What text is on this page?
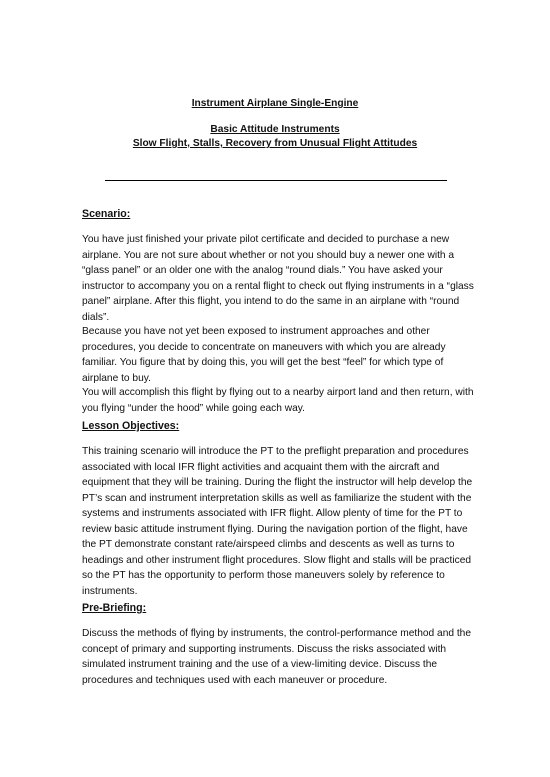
Instrument Airplane Single-Engine
Basic Attitude Instruments
Slow Flight, Stalls, Recovery from Unusual Flight Attitudes
Scenario:

You have just finished your private pilot certificate and decided to purchase a new airplane. You are not sure about whether or not you should buy a newer one with a “glass panel” or an older one with the analog “round dials.” You have asked your instructor to accompany you on a rental flight to check out flying instruments in a “glass panel” airplane. After this flight, you intend to do the same in an airplane with “round dials”.

Because you have not yet been exposed to instrument approaches and other procedures, you decide to concentrate on maneuvers with which you are already familiar. You figure that by doing this, you will get the best “feel” for which type of airplane to buy.

You will accomplish this flight by flying out to a nearby airport land and then return, with you flying “under the hood” while going each way.

Lesson Objectives:

This training scenario will introduce the PT to the preflight preparation and procedures associated with local IFR flight activities and acquaint them with the aircraft and equipment that they will be training. During the flight the instructor will help develop the PT’s scan and instrument interpretation skills as well as familiarize the student with the systems and instruments associated with IFR flight. Allow plenty of time for the PT to review basic attitude instrument flying. During the navigation portion of the flight, have the PT demonstrate constant rate/airspeed climbs and descents as well as turns to headings and other instrument flight procedures. Slow flight and stalls will be practiced so the PT has the opportunity to perform those maneuvers solely by reference to instruments.

Pre-Briefing:

Discuss the methods of flying by instruments, the control-performance method and the concept of primary and supporting instruments. Discuss the risks associated with simulated instrument training and the use of a view-limiting device. Discuss the procedures and techniques used with each maneuver or procedure.
